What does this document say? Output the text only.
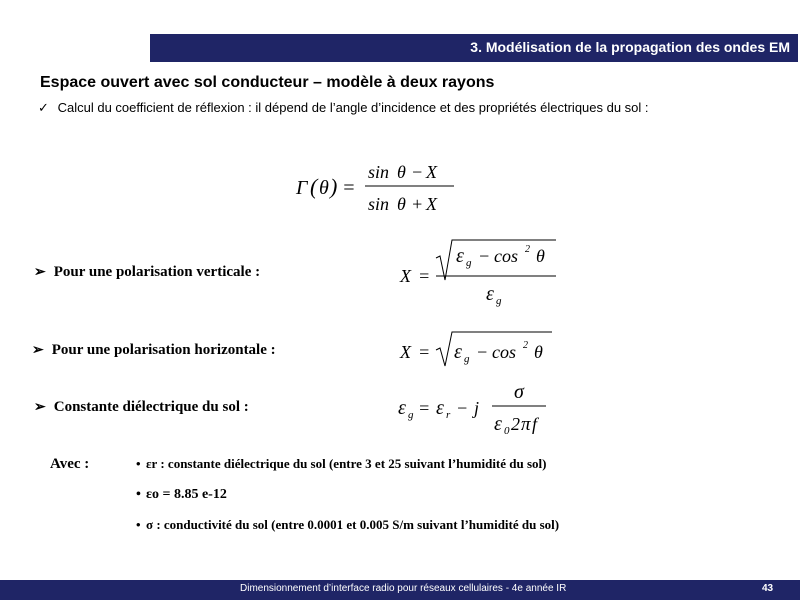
3. Modélisation de la propagation des ondes EM
Espace ouvert avec sol conducteur – modèle à deux rayons
✓ Calcul du coefficient de réflexion : il dépend de l’angle d’incidence et des propriétés électriques du sol :
Γ ( θ ) =
sin θ − X
sin θ + X
➢ Pour une polarisation verticale :	X =
ε g − cos 2 θ
ε g
➢ Pour une polarisation horizontale :	X = ε g − cos 2 θ
➢ Constante diélectrique du sol :	ε g = ε r − j
σ
ε 0 2 π f
Avec :	• εr : constante diélectrique du sol (entre 3 et 25 suivant l’humidité du sol)
• εo = 8.85 e-12
• σ : conductivité du sol (entre 0.0001 et 0.005 S/m suivant l’humidité du sol)
Dimensionnement d’interface radio pour réseaux cellulaires - 4e année IR	43
